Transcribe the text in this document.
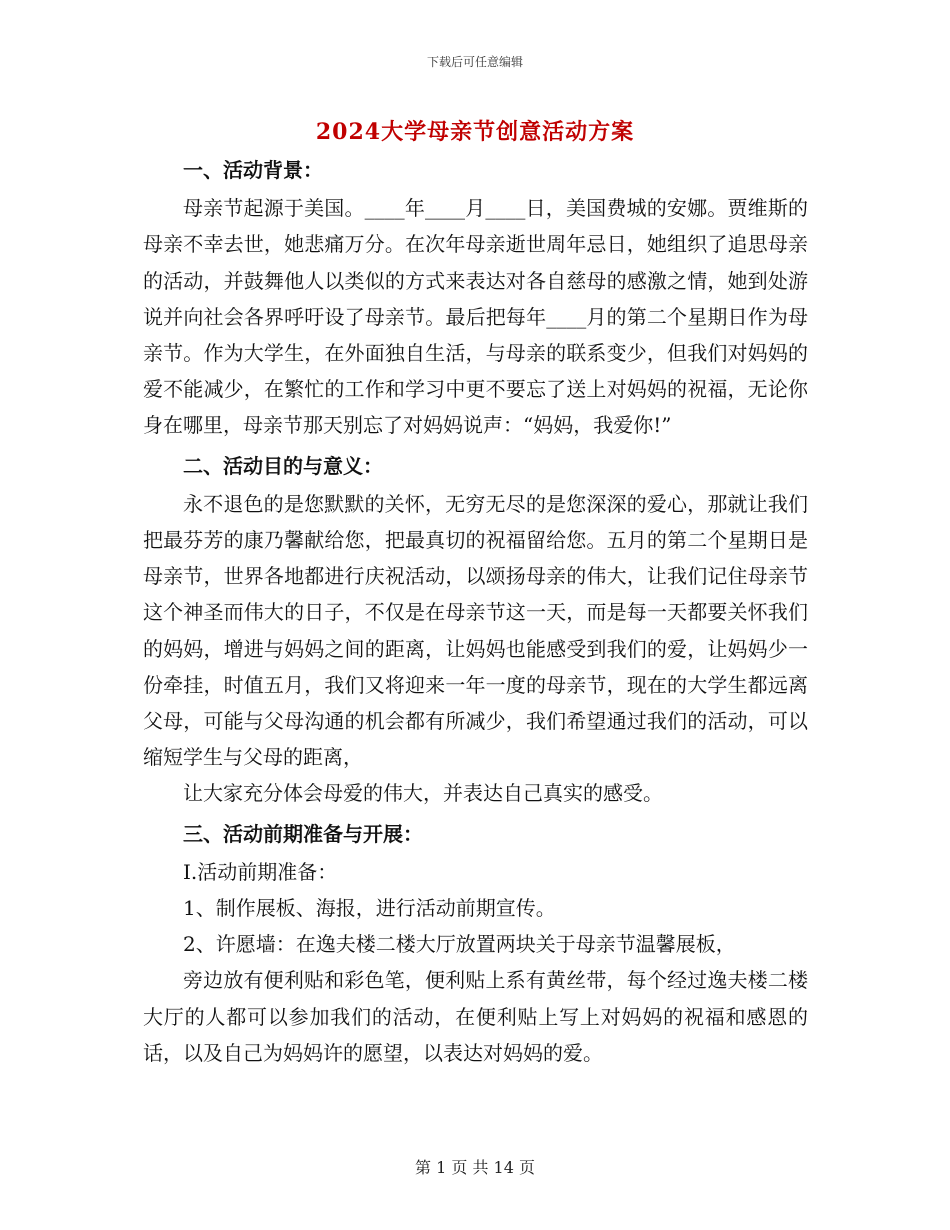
下载后可任意编辑
2024大学母亲节创意活动方案

一、活动背景：

母亲节起源于美国。____年____月____日，美国费城的安娜。贾维斯的母亲不幸去世，她悲痛万分。在次年母亲逝世周年忌日，她组织了追思母亲的活动，并鼓舞他人以类似的方式来表达对各自慈母的感激之情，她到处游说并向社会各界呼吁设了母亲节。最后把每年____月的第二个星期日作为母亲节。作为大学生，在外面独自生活，与母亲的联系变少，但我们对妈妈的爱不能减少，在繁忙的工作和学习中更不要忘了送上对妈妈的祝福，无论你身在哪里，母亲节那天别忘了对妈妈说声：“妈妈，我爱你!”

二、活动目的与意义：

永不退色的是您默默的关怀，无穷无尽的是您深深的爱心，那就让我们把最芬芳的康乃馨献给您，把最真切的祝福留给您。五月的第二个星期日是母亲节，世界各地都进行庆祝活动，以颂扬母亲的伟大，让我们记住母亲节这个神圣而伟大的日子，不仅是在母亲节这一天，而是每一天都要关怀我们的妈妈，增进与妈妈之间的距离，让妈妈也能感受到我们的爱，让妈妈少一份牵挂，时值五月，我们又将迎来一年一度的母亲节，现在的大学生都远离父母，可能与父母沟通的机会都有所减少，我们希望通过我们的活动，可以缩短学生与父母的距离，

让大家充分体会母爱的伟大，并表达自己真实的感受。

三、活动前期准备与开展：

I.活动前期准备：

1、制作展板、海报，进行活动前期宣传。

2、许愿墙：在逸夫楼二楼大厅放置两块关于母亲节温馨展板，

旁边放有便利贴和彩色笔，便利贴上系有黄丝带，每个经过逸夫楼二楼大厅的人都可以参加我们的活动，在便利贴上写上对妈妈的祝福和感恩的话，以及自己为妈妈许的愿望，以表达对妈妈的爱。

第 1 页 共 14 页
